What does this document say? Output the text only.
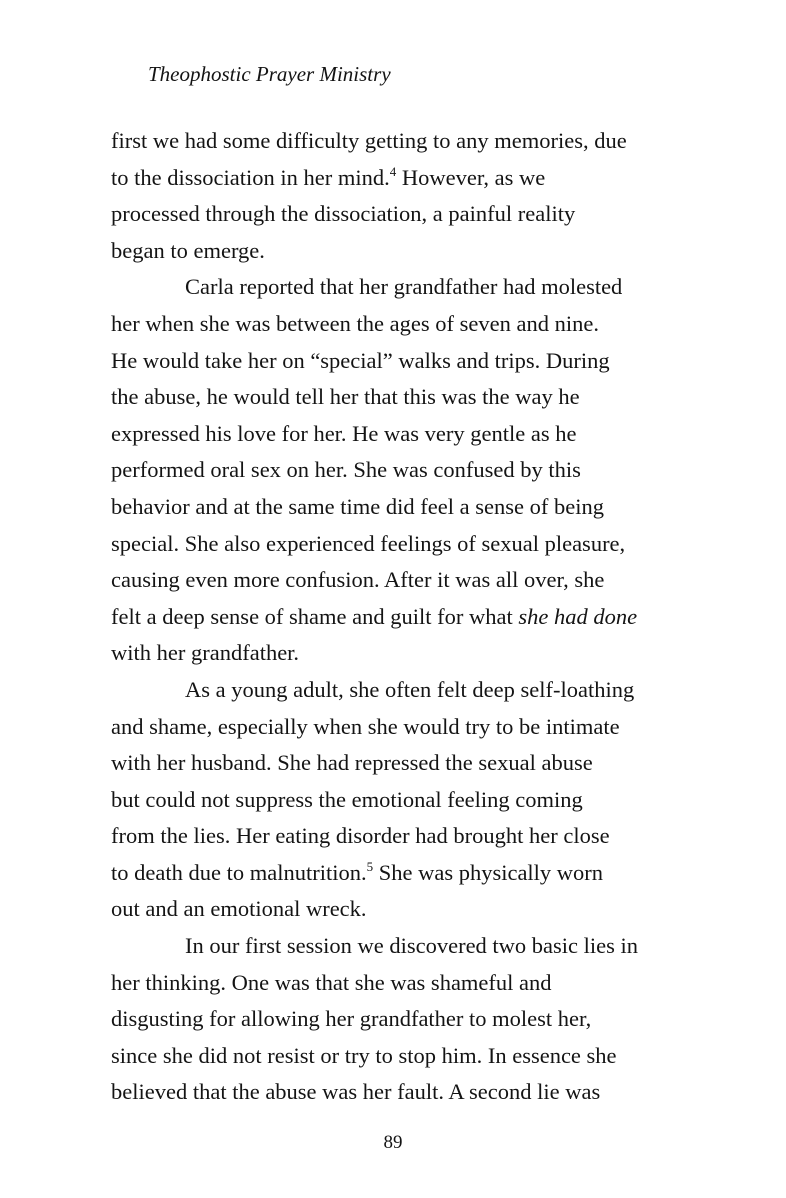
Theophostic Prayer Ministry

first we had some difficulty getting to any memories, due
to the dissociation in her mind.$^4$ However, as we
processed through the dissociation, a painful reality
began to emerge.

Carla reported that her grandfather had molested
her when she was between the ages of seven and nine.
He would take her on “special” walks and trips. During
the abuse, he would tell her that this was the way he
expressed his love for her. He was very gentle as he
performed oral sex on her. She was confused by this
behavior and at the same time did feel a sense of being
special. She also experienced feelings of sexual pleasure,
causing even more confusion. After it was all over, she
felt a deep sense of shame and guilt for what she had done
with her grandfather.

As a young adult, she often felt deep self-loathing
and shame, especially when she would try to be intimate
with her husband. She had repressed the sexual abuse
but could not suppress the emotional feeling coming
from the lies. Her eating disorder had brought her close
to death due to malnutrition.$^5$ She was physically worn
out and an emotional wreck.

In our first session we discovered two basic lies in
her thinking. One was that she was shameful and
disgusting for allowing her grandfather to molest her,
since she did not resist or try to stop him. In essence she
believed that the abuse was her fault. A second lie was

89
